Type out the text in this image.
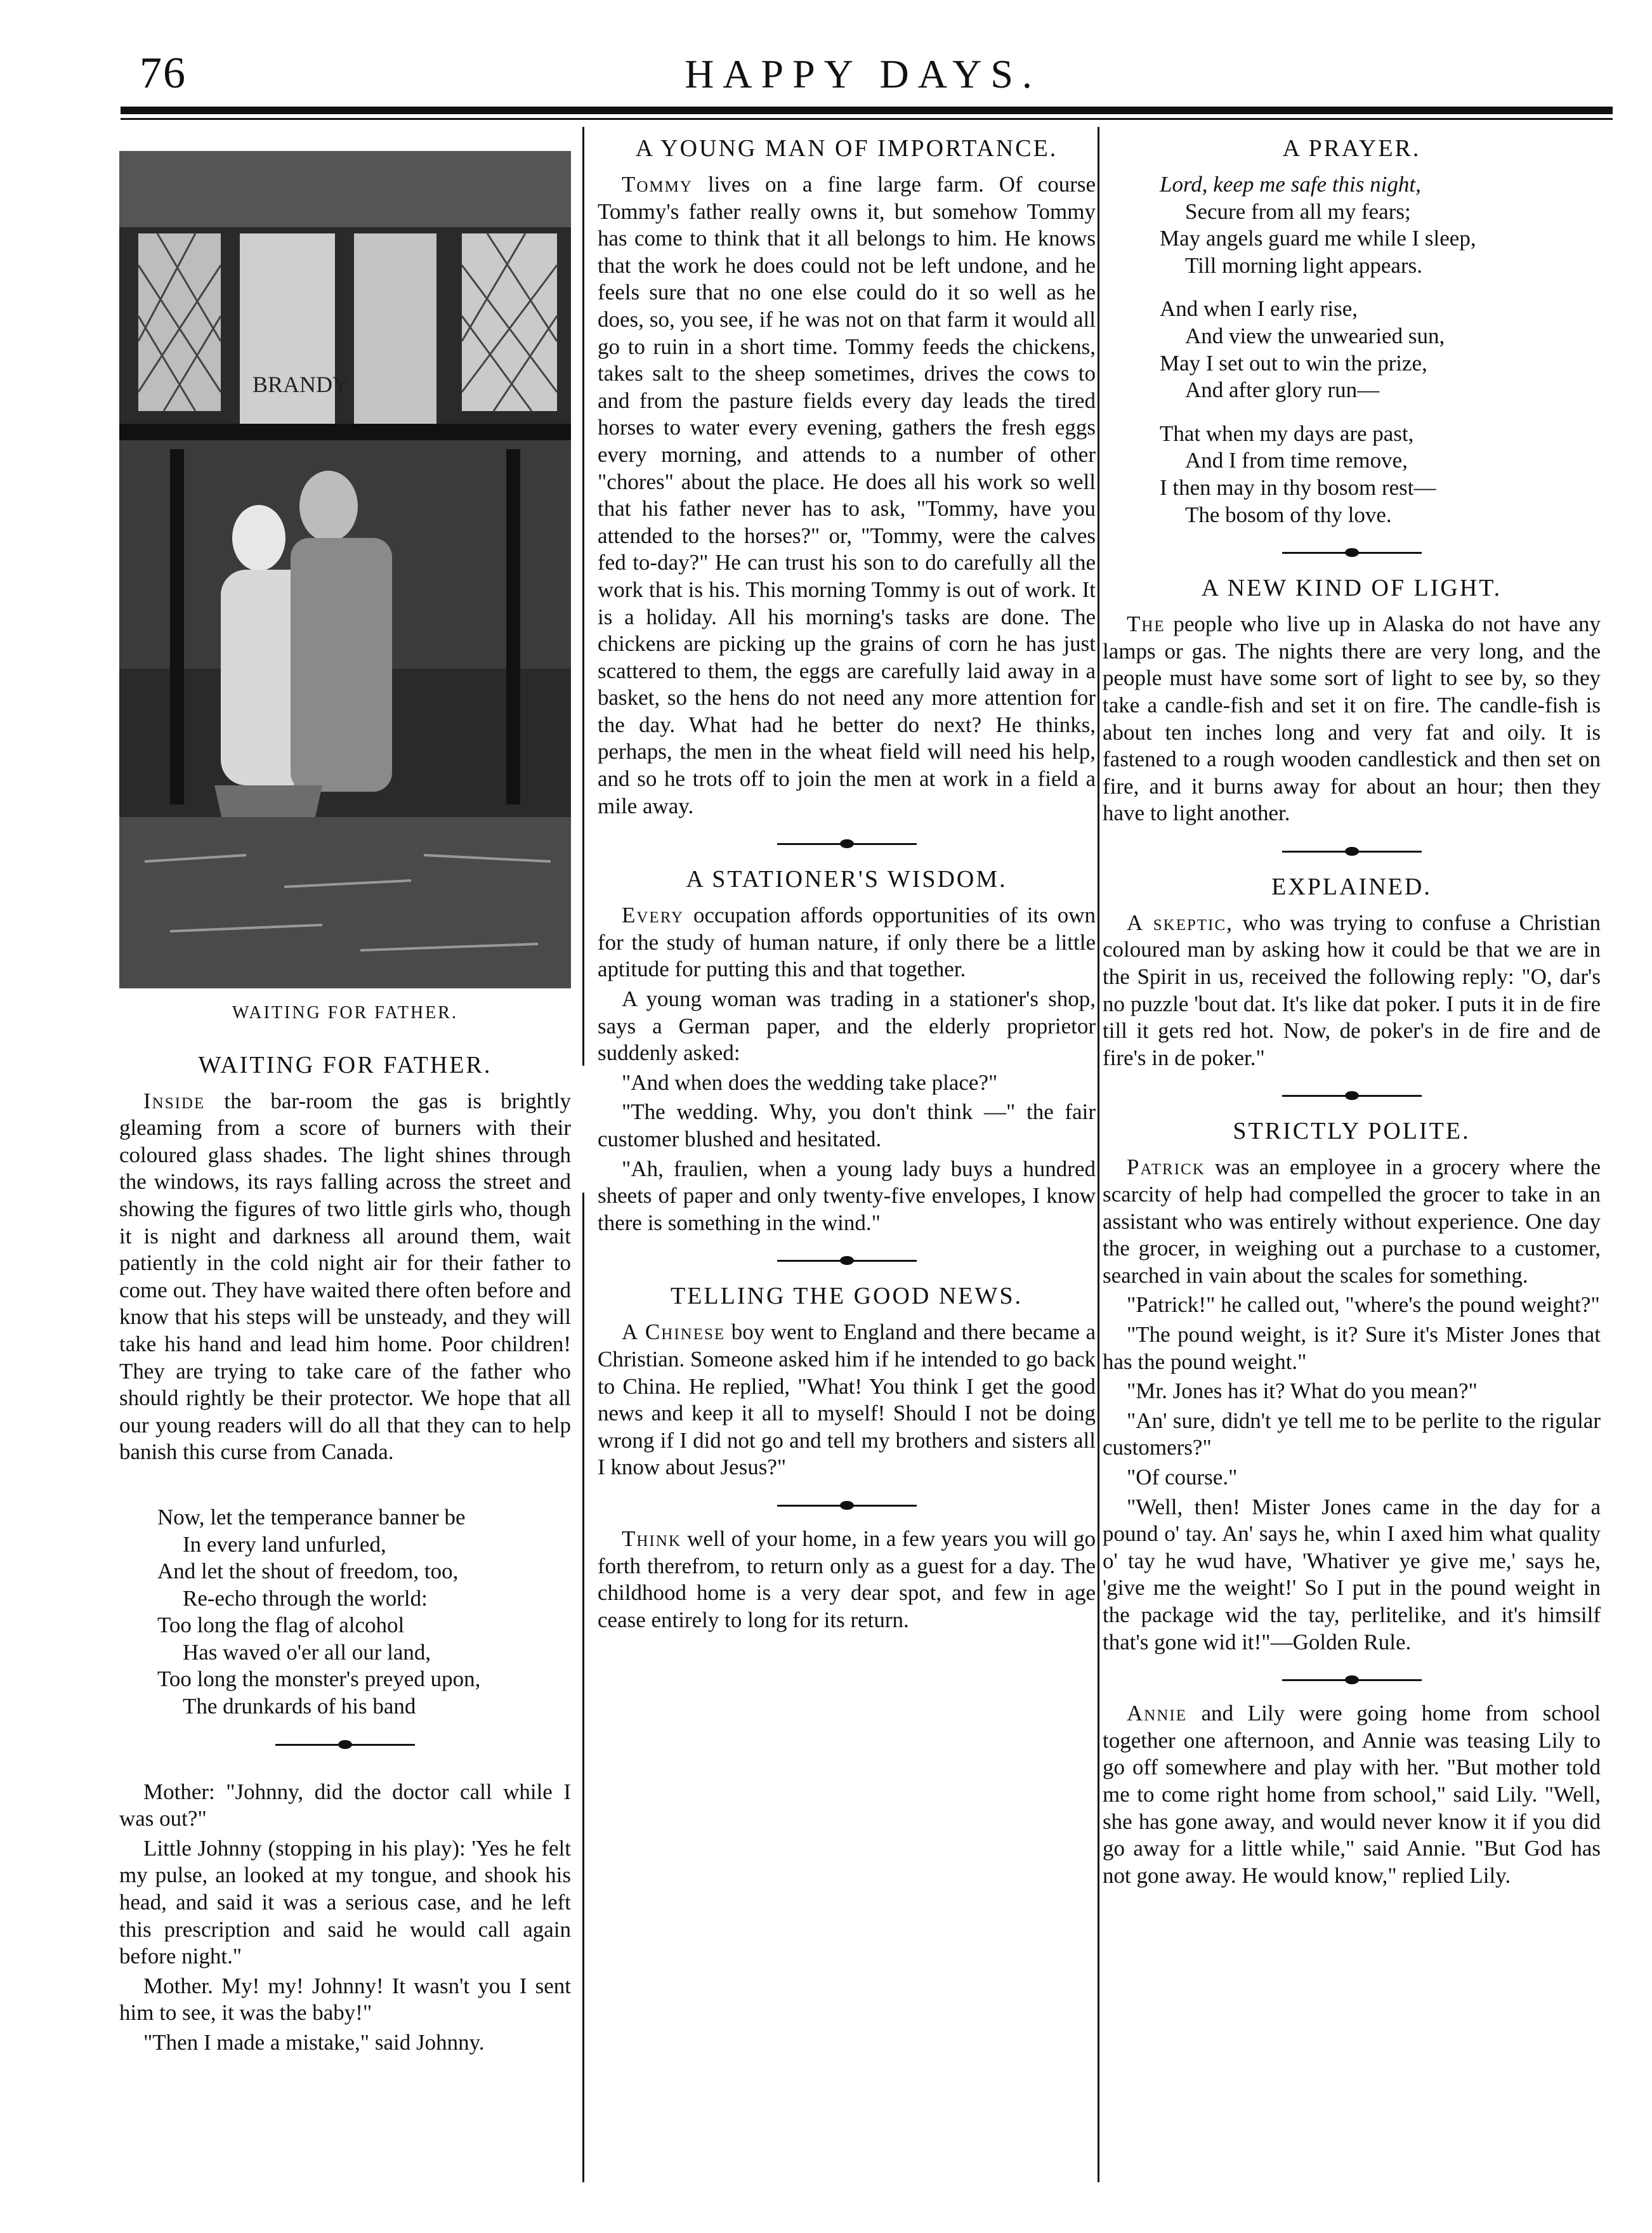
76	HAPPY DAYS.
BRANDY
WAITING FOR FATHER.
WAITING FOR FATHER.

Inside the bar-room the gas is brightly gleaming from a score of burners with their coloured glass shades. The light shines through the windows, its rays falling across the street and showing the figures of two little girls who, though it is night and darkness all around them, wait patiently in the cold night air for their father to come out. They have waited there often before and know that his steps will be unsteady, and they will take his hand and lead him home. Poor children! They are trying to take care of the father who should rightly be their protector. We hope that all our young readers will do all that they can to help banish this curse from Canada.

Now, let the temperance banner be
In every land unfurled,
And let the shout of freedom, too,
Re-echo through the world:
Too long the flag of alcohol
Has waved o'er all our land,
Too long the monster's preyed upon,
The drunkards of his band

Mother: "Johnny, did the doctor call while I was out?"

Little Johnny (stopping in his play): 'Yes he felt my pulse, an looked at my tongue, and shook his head, and said it was a serious case, and he left this prescription and said he would call again before night."

Mother. My! my! Johnny! It wasn't you I sent him to see, it was the baby!"

"Then I made a mistake," said Johnny.

A YOUNG MAN OF IMPORTANCE.

Tommy lives on a fine large farm. Of course Tommy's father really owns it, but somehow Tommy has come to think that it all belongs to him. He knows that the work he does could not be left undone, and he feels sure that no one else could do it so well as he does, so, you see, if he was not on that farm it would all go to ruin in a short time. Tommy feeds the chickens, takes salt to the sheep sometimes, drives the cows to and from the pasture fields every day leads the tired horses to water every evening, gathers the fresh eggs every morning, and attends to a number of other "chores" about the place. He does all his work so well that his father never has to ask, "Tommy, have you attended to the horses?" or, "Tommy, were the calves fed to-day?" He can trust his son to do carefully all the work that is his. This morning Tommy is out of work. It is a holiday. All his morning's tasks are done. The chickens are picking up the grains of corn he has just scattered to them, the eggs are carefully laid away in a basket, so the hens do not need any more attention for the day. What had he better do next? He thinks, perhaps, the men in the wheat field will need his help, and so he trots off to join the men at work in a field a mile away.

A STATIONER'S WISDOM.

Every occupation affords opportunities of its own for the study of human nature, if only there be a little aptitude for putting this and that together.

A young woman was trading in a stationer's shop, says a German paper, and the elderly proprietor suddenly asked:

"And when does the wedding take place?"

"The wedding. Why, you don't think —" the fair customer blushed and hesitated.

"Ah, fraulien, when a young lady buys a hundred sheets of paper and only twenty-five envelopes, I know there is something in the wind."

TELLING THE GOOD NEWS.

A Chinese boy went to England and there became a Christian. Someone asked him if he intended to go back to China. He replied, "What! You think I get the good news and keep it all to myself! Should I not be doing wrong if I did not go and tell my brothers and sisters all I know about Jesus?"

Think well of your home, in a few years you will go forth therefrom, to return only as a guest for a day. The childhood home is a very dear spot, and few in age cease entirely to long for its return.

A PRAYER.
Lord, keep me safe this night,
Secure from all my fears;
May angels guard me while I sleep,
Till morning light appears.
And when I early rise,
And view the unwearied sun,
May I set out to win the prize,
And after glory run—
That when my days are past,
And I from time remove,
I then may in thy bosom rest—
The bosom of thy love.
A NEW KIND OF LIGHT.

The people who live up in Alaska do not have any lamps or gas. The nights there are very long, and the people must have some sort of light to see by, so they take a candle-fish and set it on fire. The candle-fish is about ten inches long and very fat and oily. It is fastened to a rough wooden candlestick and then set on fire, and it burns away for about an hour; then they have to light another.

EXPLAINED.

A skeptic, who was trying to confuse a Christian coloured man by asking how it could be that we are in the Spirit in us, received the following reply: "O, dar's no puzzle 'bout dat. It's like dat poker. I puts it in de fire till it gets red hot. Now, de poker's in de fire and de fire's in de poker."

STRICTLY POLITE.

Patrick was an employee in a grocery where the scarcity of help had compelled the grocer to take in an assistant who was entirely without experience. One day the grocer, in weighing out a purchase to a customer, searched in vain about the scales for something.

"Patrick!" he called out, "where's the pound weight?"

"The pound weight, is it? Sure it's Mister Jones that has the pound weight."

"Mr. Jones has it? What do you mean?"

"An' sure, didn't ye tell me to be perlite to the rigular customers?"

"Of course."

"Well, then! Mister Jones came in the day for a pound o' tay. An' says he, whin I axed him what quality o' tay he wud have, 'Whativer ye give me,' says he, 'give me the weight!' So I put in the pound weight in the package wid the tay, perlitelike, and it's himsilf that's gone wid it!"—Golden Rule.

Annie and Lily were going home from school together one afternoon, and Annie was teasing Lily to go off somewhere and play with her. "But mother told me to come right home from school," said Lily. "Well, she has gone away, and would never know it if you did go away for a little while," said Annie. "But God has not gone away. He would know," replied Lily.
